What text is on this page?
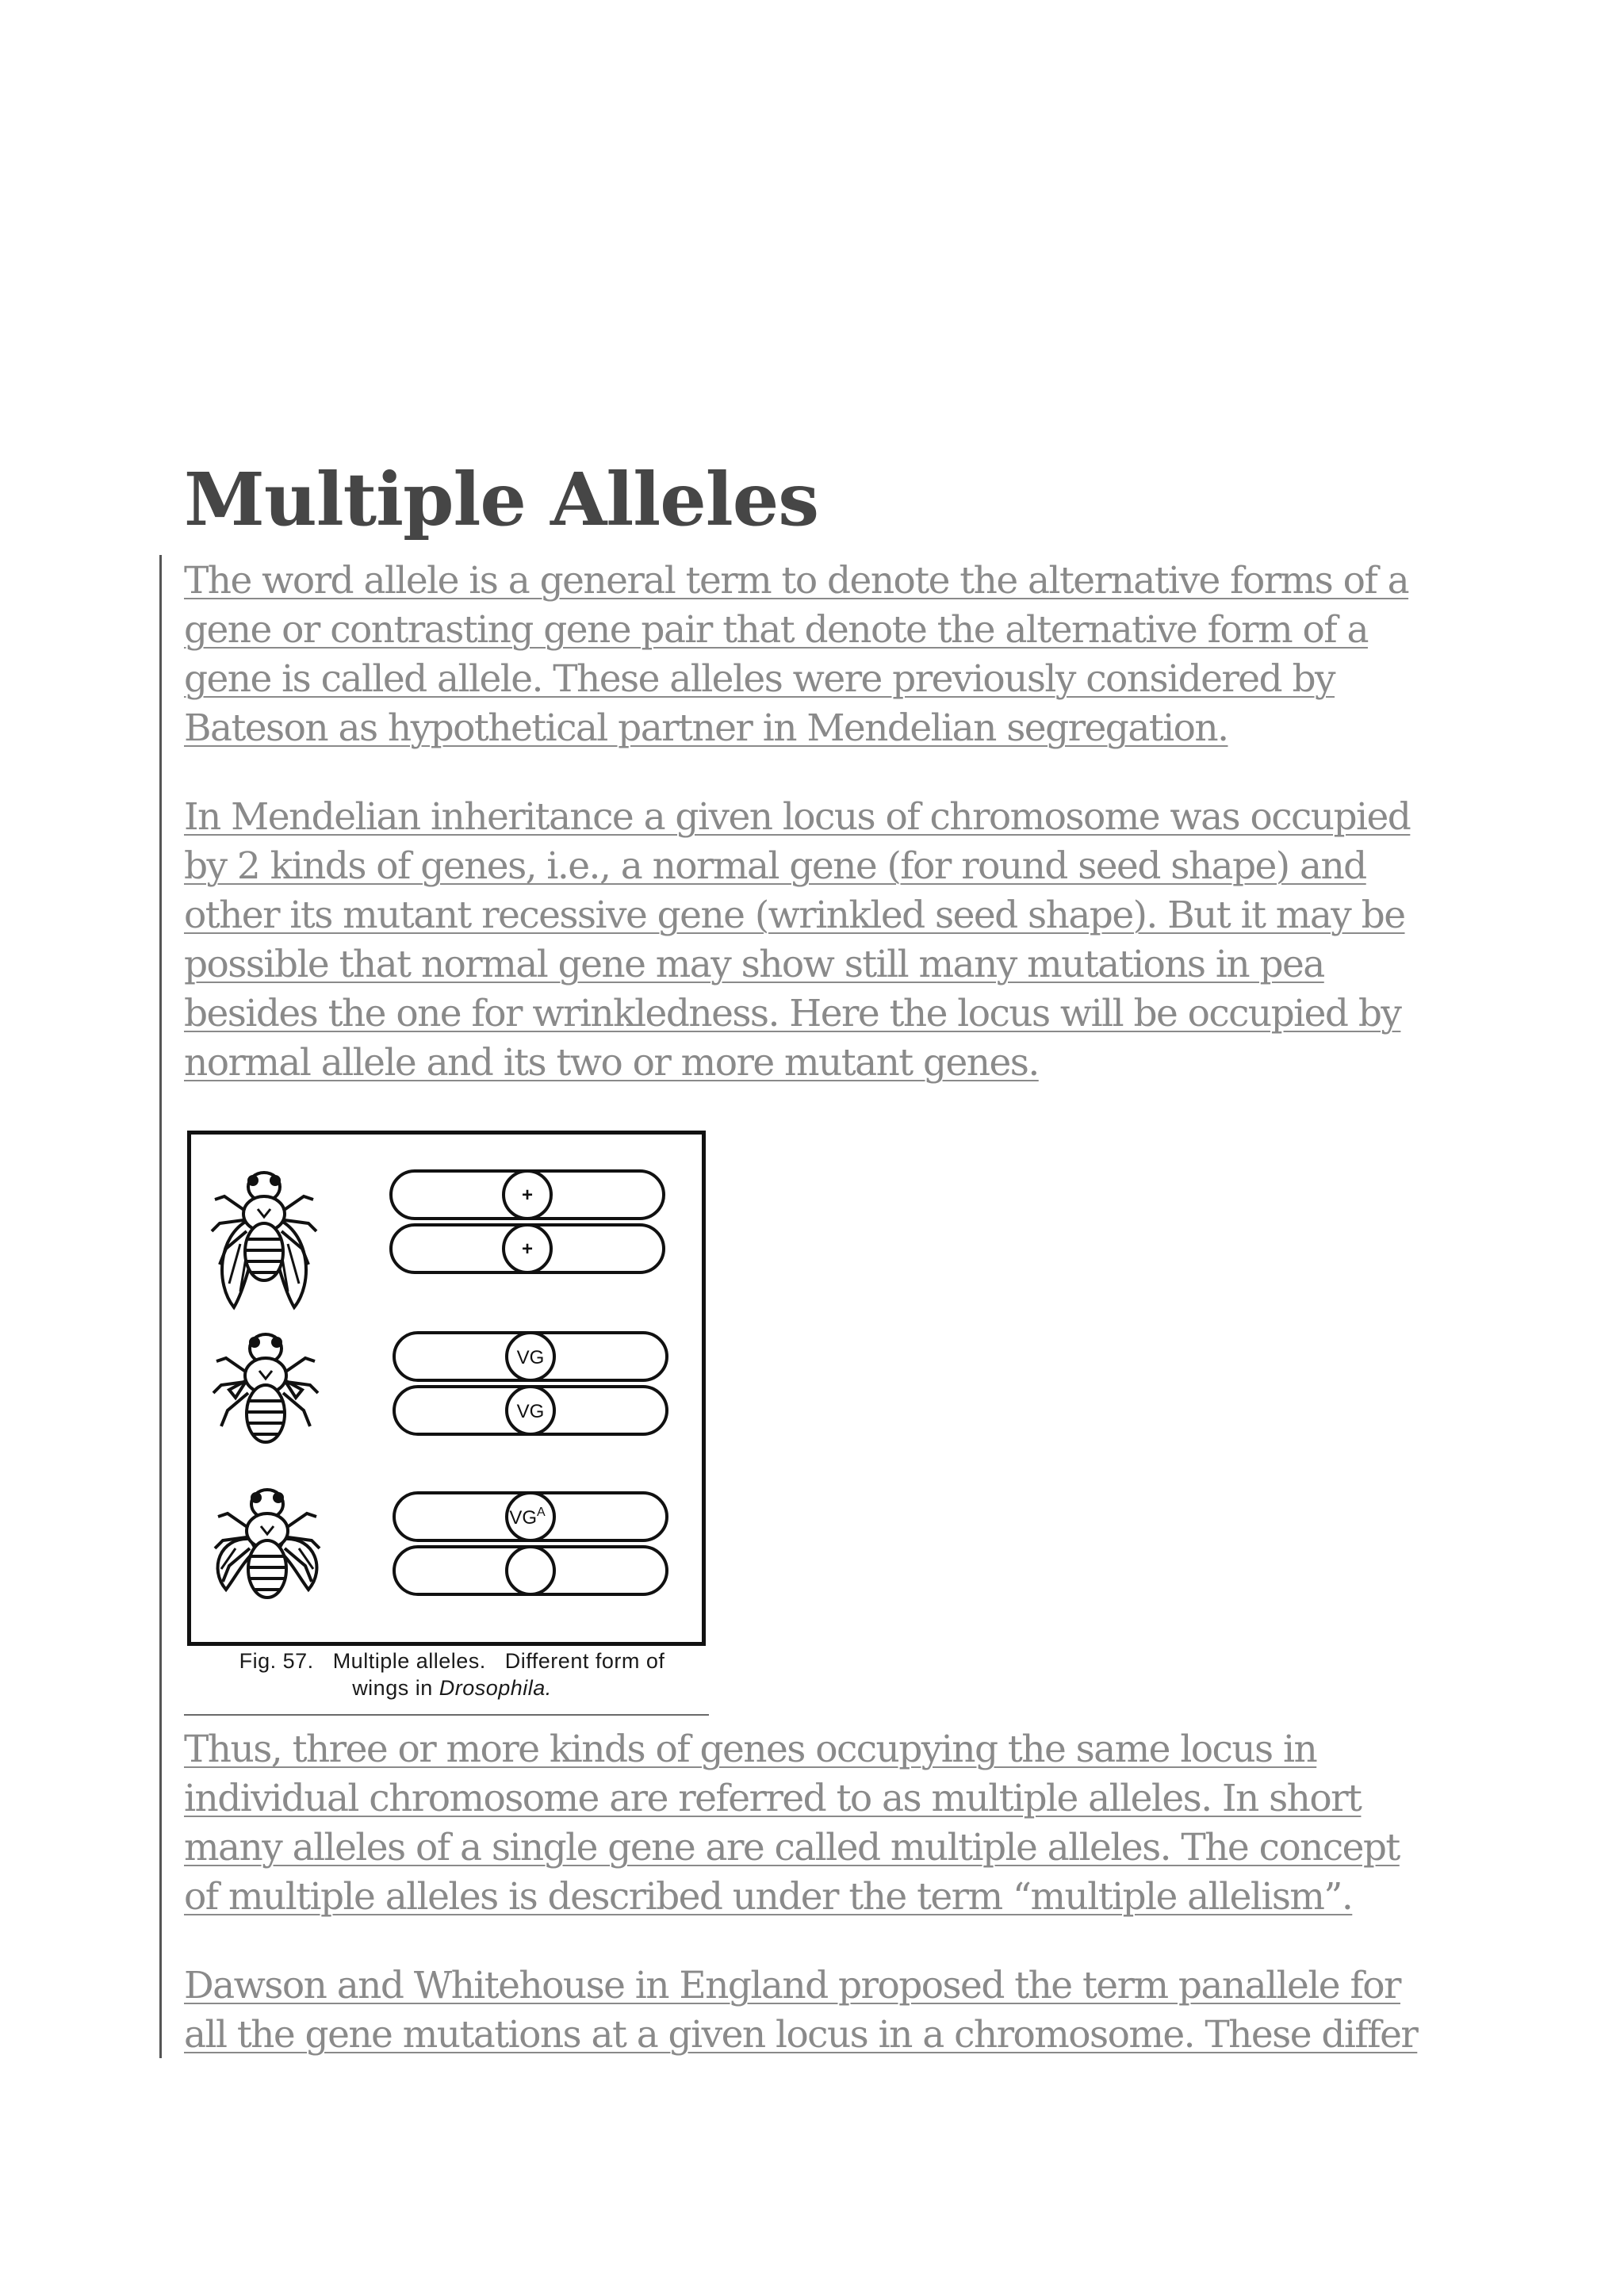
Multiple Alleles

The word allele is a general term to denote the alternative forms of a
gene or contrasting gene pair that denote the alternative form of a
gene is called allele. These alleles were previously considered by
Bateson as hypothetical partner in Mendelian segregation.

In Mendelian inheritance a given locus of chromosome was occupied
by 2 kinds of genes, i.e., a normal gene (for round seed shape) and
other its mutant recessive gene (wrinkled seed shape). But it may be
possible that normal gene may show still many mutations in pea
besides the one for wrinkledness. Here the locus will be occupied by
normal allele and its two or more mutant genes.

+
+
VG
VG
$VG^A$
Fig. 57.   Multiple alleles.   Different form of
wings in Drosophila.

Thus, three or more kinds of genes occupying the same locus in
individual chromosome are referred to as multiple alleles. In short
many alleles of a single gene are called multiple alleles. The concept
of multiple alleles is described under the term “multiple allelism”.

Dawson and Whitehouse in England proposed the term panallele for
all the gene mutations at a given locus in a chromosome. These differ
